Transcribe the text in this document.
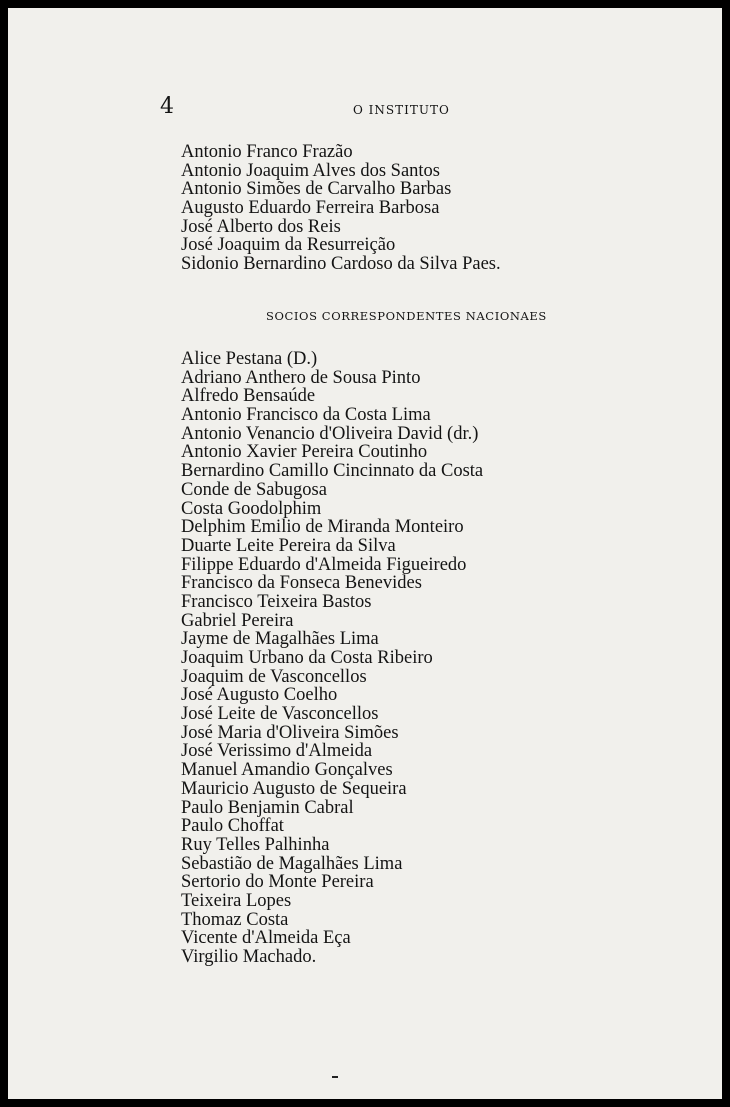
4	O INSTITUTO

Antonio Franco Frazão
Antonio Joaquim Alves dos Santos
Antonio Simões de Carvalho Barbas
Augusto Eduardo Ferreira Barbosa
José Alberto dos Reis
José Joaquim da Resurreição
Sidonio Bernardino Cardoso da Silva Paes.

SOCIOS CORRESPONDENTES NACIONAES

Alice Pestana (D.)
Adriano Anthero de Sousa Pinto
Alfredo Bensaúde
Antonio Francisco da Costa Lima
Antonio Venancio d'Oliveira David (dr.)
Antonio Xavier Pereira Coutinho
Bernardino Camillo Cincinnato da Costa
Conde de Sabugosa
Costa Goodolphim
Delphim Emilio de Miranda Monteiro
Duarte Leite Pereira da Silva
Filippe Eduardo d'Almeida Figueiredo
Francisco da Fonseca Benevides
Francisco Teixeira Bastos
Gabriel Pereira
Jayme de Magalhães Lima
Joaquim Urbano da Costa Ribeiro
Joaquim de Vasconcellos
José Augusto Coelho
José Leite de Vasconcellos
José Maria d'Oliveira Simões
José Verissimo d'Almeida
Manuel Amandio Gonçalves
Mauricio Augusto de Sequeira
Paulo Benjamin Cabral
Paulo Choffat
Ruy Telles Palhinha
Sebastião de Magalhães Lima
Sertorio do Monte Pereira
Teixeira Lopes
Thomaz Costa
Vicente d'Almeida Eça
Virgilio Machado.
